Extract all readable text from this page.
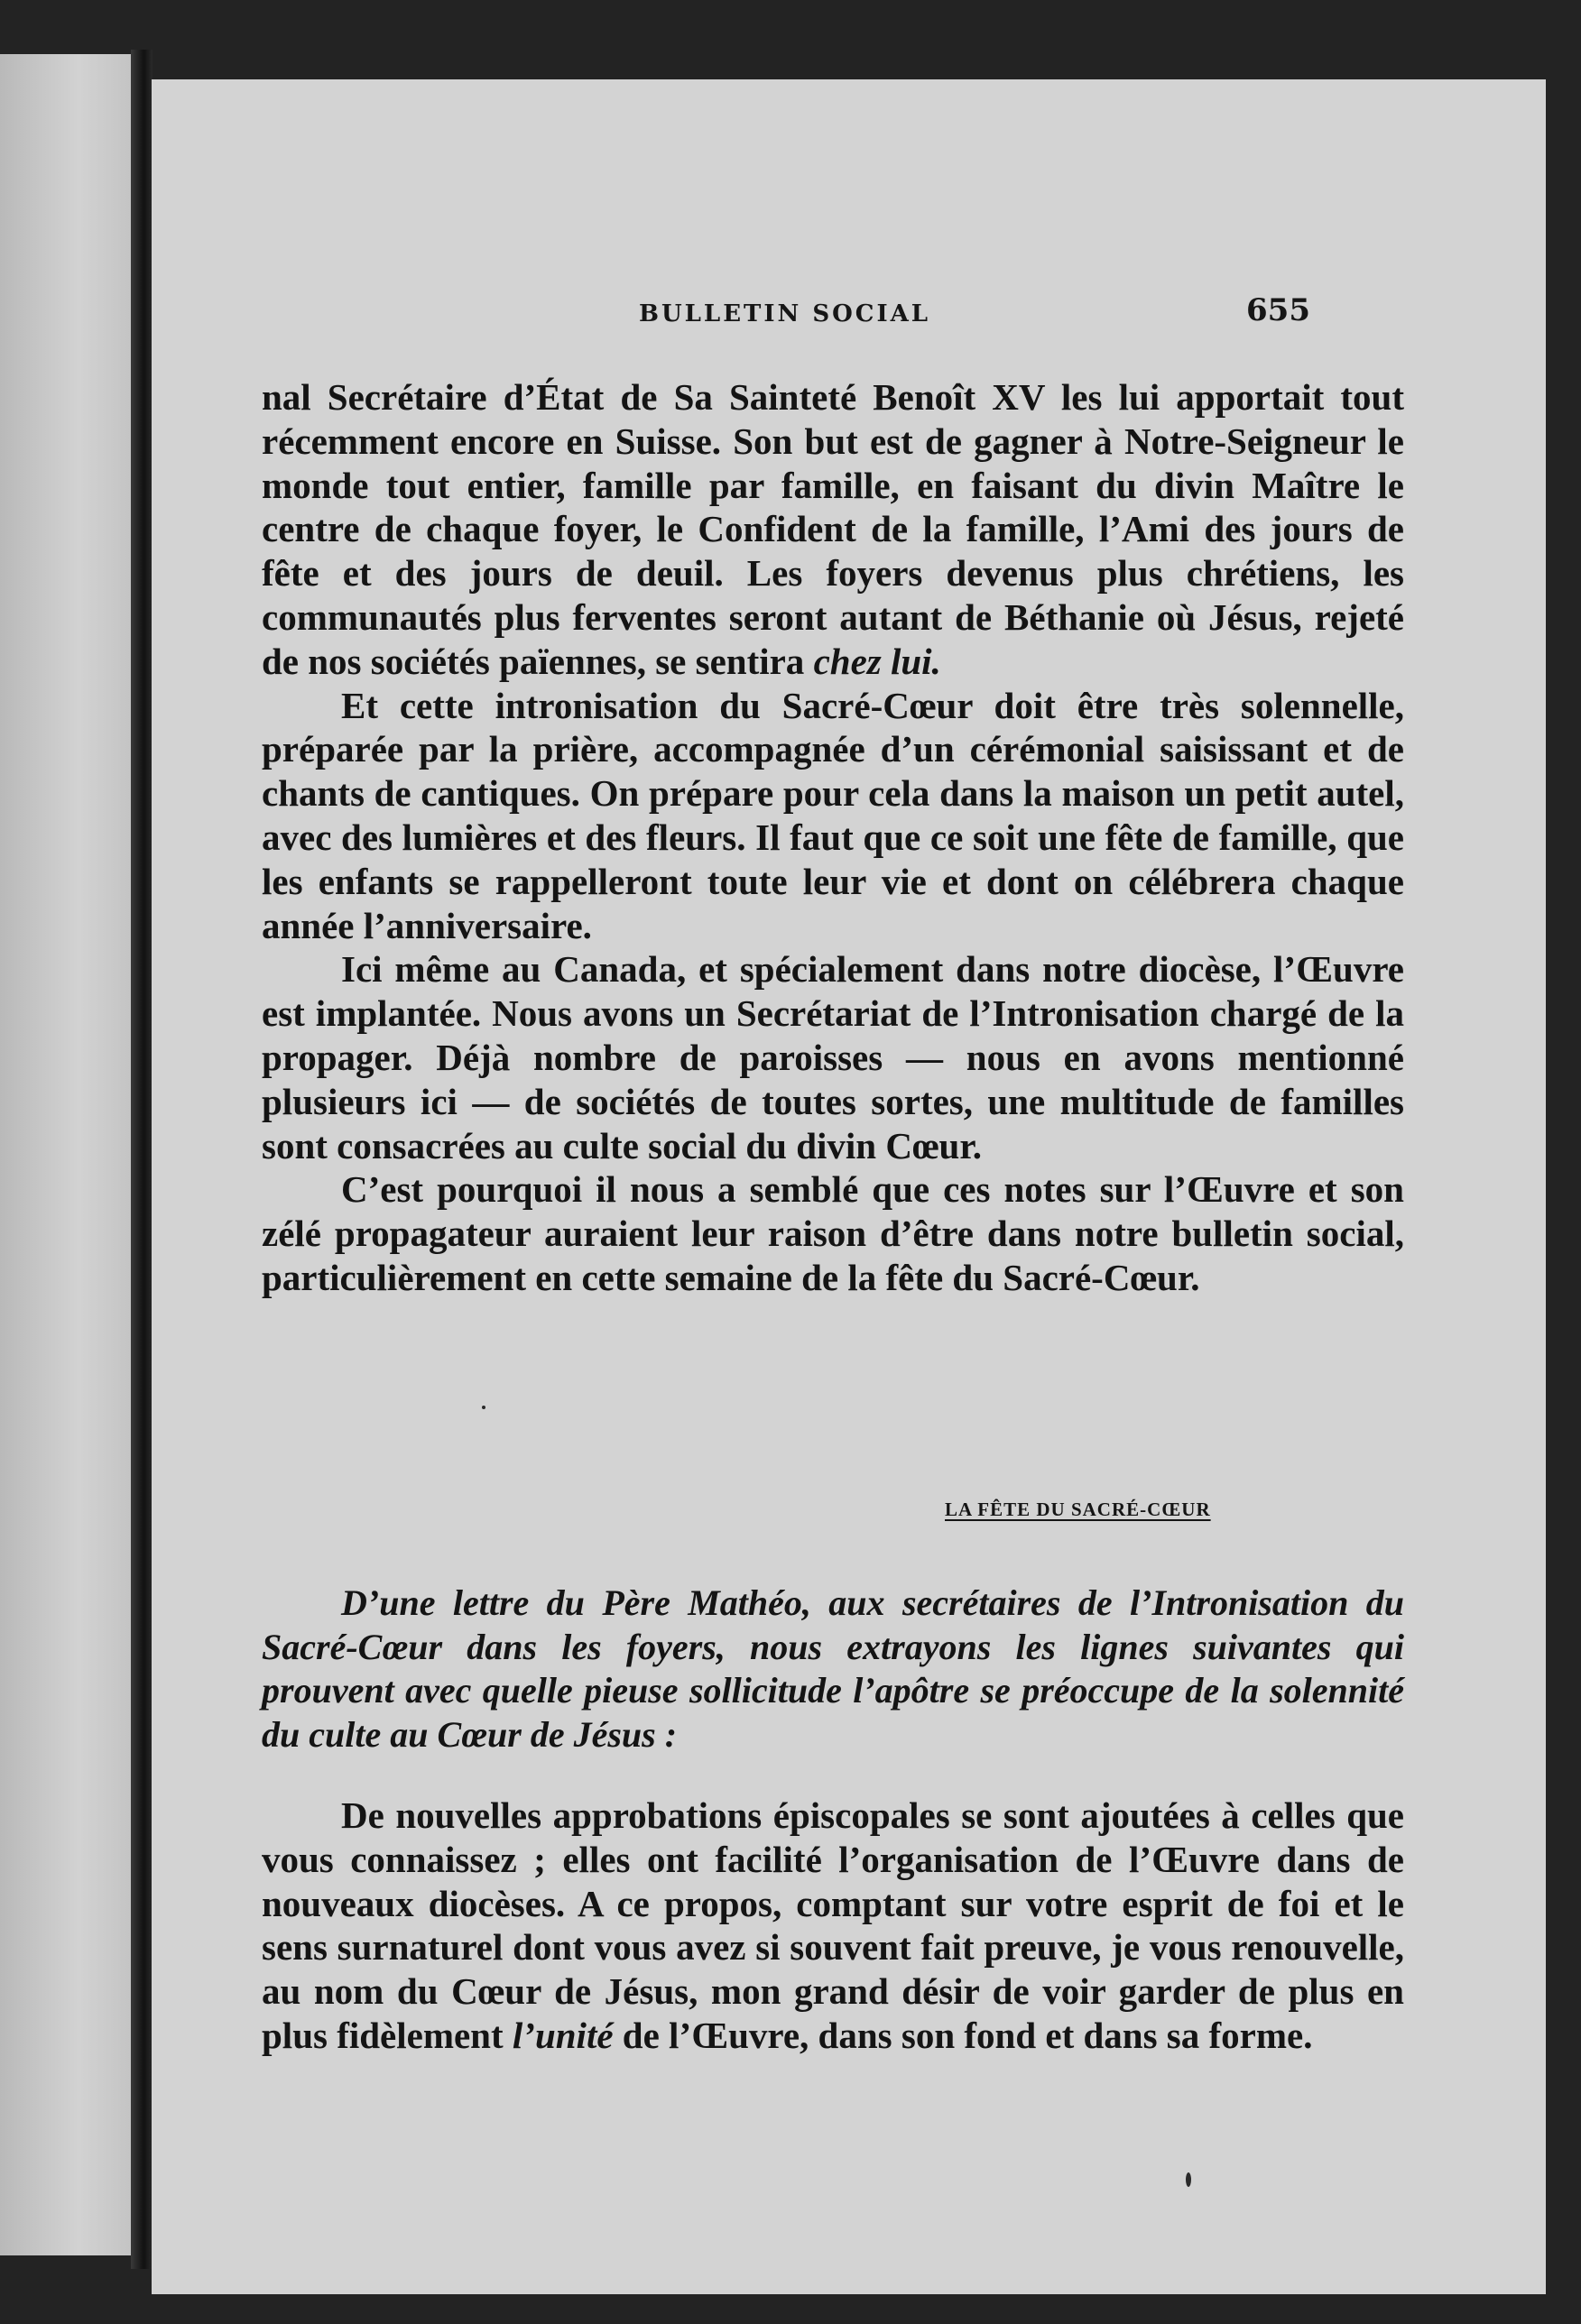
BULLETIN SOCIAL	655

nal Secrétaire d’État de Sa Sainteté Benoît XV les lui apportait tout récemment encore en Suisse. Son but est de gagner à Notre-Seigneur le monde tout entier, famille par famille, en faisant du divin Maître le centre de chaque foyer, le Confident de la famille, l’Ami des jours de fête et des jours de deuil. Les foyers devenus plus chrétiens, les communautés plus ferventes seront autant de Béthanie où Jésus, rejeté de nos sociétés païennes, se sentira chez lui.

Et cette intronisation du Sacré-Cœur doit être très solennelle, préparée par la prière, accompagnée d’un cérémonial saisissant et de chants de cantiques. On prépare pour cela dans la maison un petit autel, avec des lumières et des fleurs. Il faut que ce soit une fête de famille, que les enfants se rappelleront toute leur vie et dont on célébrera chaque année l’anniversaire.

Ici même au Canada, et spécialement dans notre diocèse, l’Œuvre est implantée. Nous avons un Secrétariat de l’Intronisation chargé de la propager. Déjà nombre de paroisses — nous en avons mentionné plusieurs ici — de sociétés de toutes sortes, une multitude de familles sont consacrées au culte social du divin Cœur.

C’est pourquoi il nous a semblé que ces notes sur l’Œuvre et son zélé propagateur auraient leur raison d’être dans notre bulletin social, particulièrement en cette semaine de la fête du Sacré-Cœur.

LA FÊTE DU SACRÉ-CŒUR

D’une lettre du Père Mathéo, aux secrétaires de l’Intronisation du Sacré-Cœur dans les foyers, nous extrayons les lignes suivantes qui prouvent avec quelle pieuse sollicitude l’apôtre se préoccupe de la solennité du culte au Cœur de Jésus :

De nouvelles approbations épiscopales se sont ajoutées à celles que vous connaissez ; elles ont facilité l’organisation de l’Œuvre dans de nouveaux diocèses. A ce propos, comptant sur votre esprit de foi et le sens surnaturel dont vous avez si souvent fait preuve, je vous renouvelle, au nom du Cœur de Jésus, mon grand désir de voir garder de plus en plus fidèlement l’unité de l’Œuvre, dans son fond et dans sa forme.
